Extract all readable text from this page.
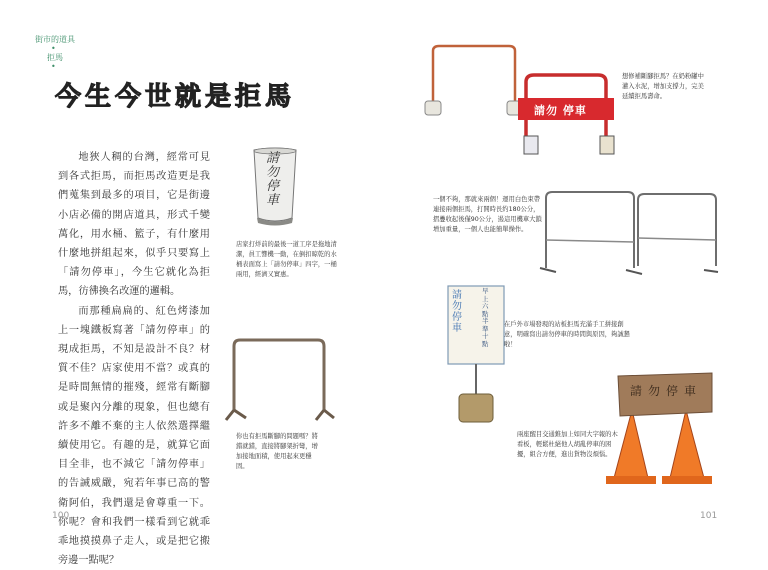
街市的道具
•
拒馬
•
今生今世就是拒馬

地狹人稠的台灣，經常可見到各式拒馬，而拒馬改造更是我們蒐集到最多的項目，它是街邊小店必備的開店道具，形式千變萬化，用水桶、籃子，有什麼用什麼地拼組起來，似乎只要寫上「請勿停車」，今生它就化為拒馬，彷彿換名改運的邏輯。

而那種扁扁的、紅色烤漆加上一塊鐵板寫著「請勿停車」的現成拒馬，不知是設計不良？材質不佳？店家使用不當？或真的是時間無情的摧殘，經常有斷腳或是聚內分離的現象，但也總有許多不離不棄的主人依然選擇繼續使用它。有趣的是，就算它面目全非，也不減它「請勿停車」的告誡威嚴，宛若年事已高的警衛阿伯，我們還是會尊重一下。你呢？會和我們一樣看到它就乖乖地摸摸鼻子走人，或是把它搬旁邊一點呢？

請勿停車
店家打烊前的最後一道工序是拖地清潔，員工響機一動，在倒扣晾乾的水桶表面寫上「請勿停車」四字，一桶兩用，經濟又實惠。
你也有拒馬斷腳的問題嗎？將錯就錯，直接將腳架折彎，增加接地面積，使用起來更穩固。
請勿 停車
想修補斷腳拒馬？在奶粉罐中灌入水泥，增加支撐力，完美延續拒馬壽命。
一個不夠，那就來兩個！運用白色束帶連接兩個拒馬，打開時長約180公分，摺疊收起後僅90公分，遏這用機車大鎖增加重量，一個人也能簡單操作。
請勿停車
早上六點半準十點
在戶外市場發現的站板拒馬充滿手工拼接創意，明確寫出請勿停車的時間與原因，夠誠懇啦！
請勿停車
兩座醒目交通錐加上如同大字報的木看板，輕鬆杜絕他人胡亂停車的困擾，組合方便，進出貨物沒煩惱。
100	101
